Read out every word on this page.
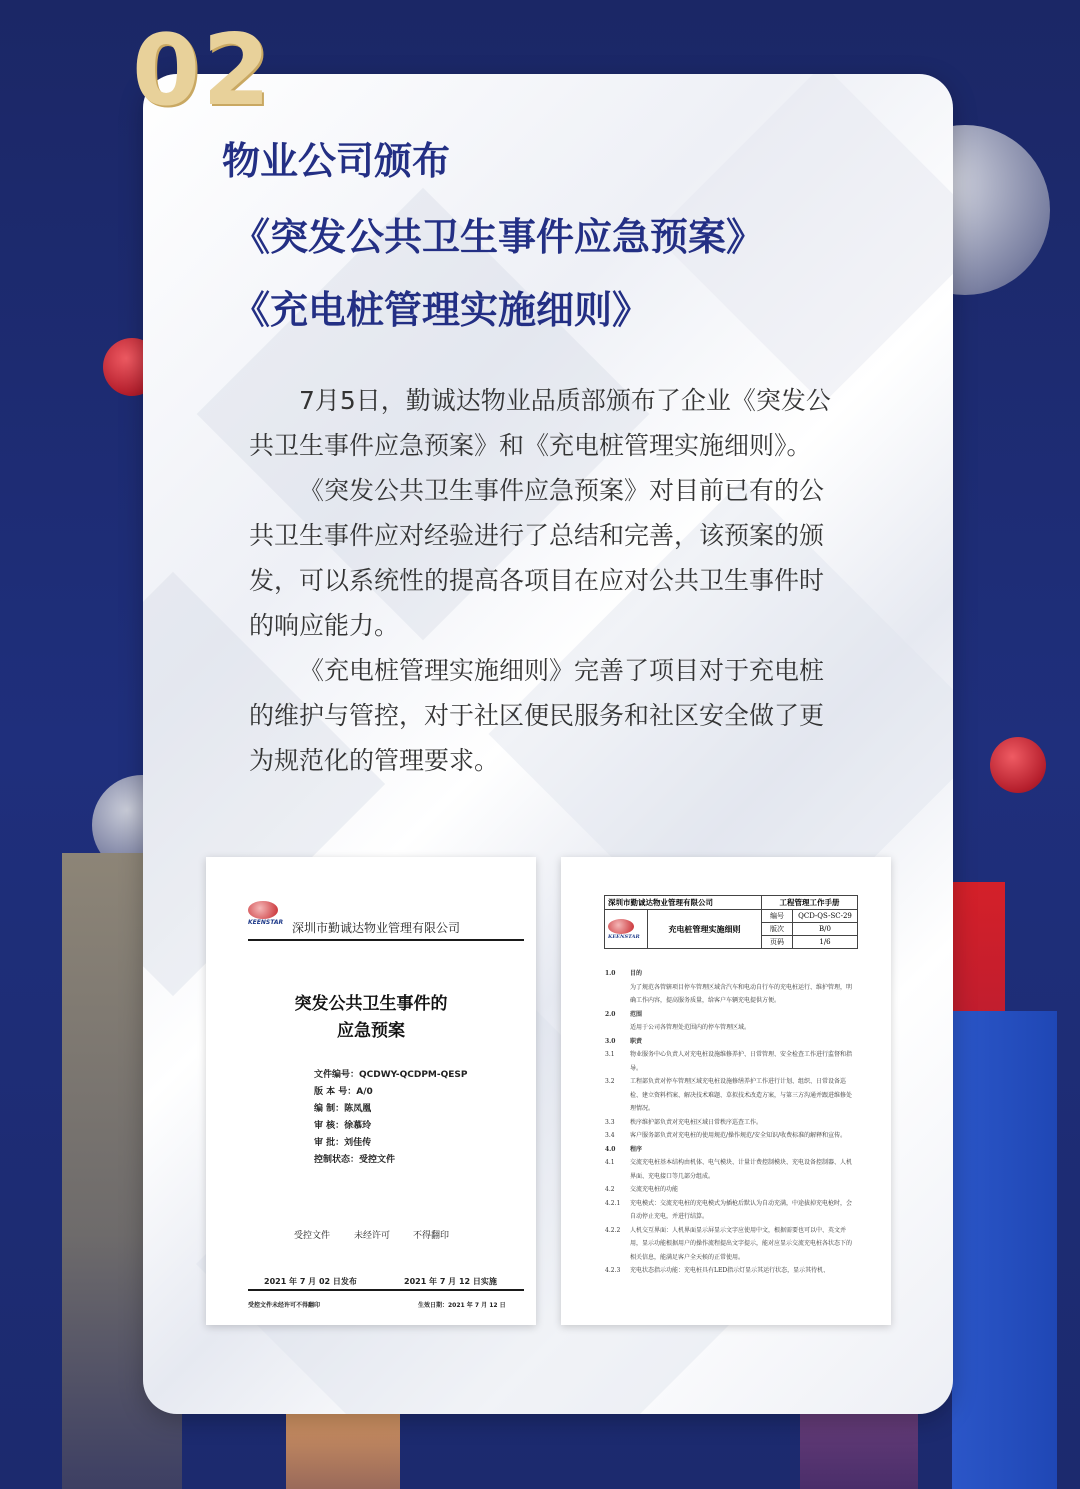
02
物业公司颁布
《突发公共卫生事件应急预案》
《充电桩管理实施细则》

7月5日，勤诚达物业品质部颁布了企业《突发公共卫生事件应急预案》和《充电桩管理实施细则》。

《突发公共卫生事件应急预案》对目前已有的公共卫生事件应对经验进行了总结和完善，该预案的颁发，可以系统性的提高各项目在应对公共卫生事件时的响应能力。

《充电桩管理实施细则》完善了项目对于充电桩的维护与管控，对于社区便民服务和社区安全做了更为规范化的管理要求。

KEENSTAR 深圳市勤诚达物业管理有限公司
突发公共卫生事件的
应急预案
文件编号：QCDWY-QCDPM-QESP
版 本 号：A/0
编 制：陈凤凰
审 核：徐慕玲
审 批：刘佳传
控制状态：受控文件
受控文件	未经许可	不得翻印
2021 年 7 月 02 日发布	2021 年 7 月 12 日实施
受控文件未经许可不得翻印	生效日期：2021 年 7 月 12 日
深圳市勤诚达物业管理有限公司		工程管理工作手册	

KEENSTAR	充电桩管理实施细则	编号	QCD-QS-SC-29
		版次	B/0
		页码	1/6
1.0	目的
为了规范各管辖项目停车管理区域含汽车和电动自行车的充电桩运行、维护管理，明确工作内容，提高服务质量，给客户车辆充电提供方便。
2.0	范围
适用于公司各管理处范围内的停车管理区域。
3.0	职责
3.1	物业服务中心负责人对充电桩设施维修养护、日常管理、安全检查工作进行监督和指导。
3.2	工程部负责对停车管理区域充电桩设施修缮养护工作进行计划、组织、日常设备巡检、建立资料档案、解决技术难题、草拟技术改造方案，与第三方沟通并跟进维修处理情况。
3.3	秩序维护部负责对充电桩区域日常秩序巡查工作。
3.4	客户服务部负责对充电桩的使用规范/操作规范/安全知识/收费标准的解释和宣传。
4.0	程序
4.1	交流充电桩基本结构由机体、电气模块、计量计费控制模块、充电设备控制器、人机界面、充电接口等几部分组成。
4.2	交流充电桩的功能
4.2.1	充电模式：交流充电桩的充电模式为插枪后默认为自动充满，中途拔掉充电枪时，会自动停止充电，并进行结算。
4.2.2	人机交互界面：人机界面显示屏显示文字应使用中文，根据需要也可以中、英文并用，显示功能根据用户的操作流程提出文字提示，能对应显示交流充电桩各状态下的相关信息，能满足客户全天候的正常使用。
4.2.3	充电状态指示功能：充电桩具有LED指示灯显示其运行状态，显示其待机、
